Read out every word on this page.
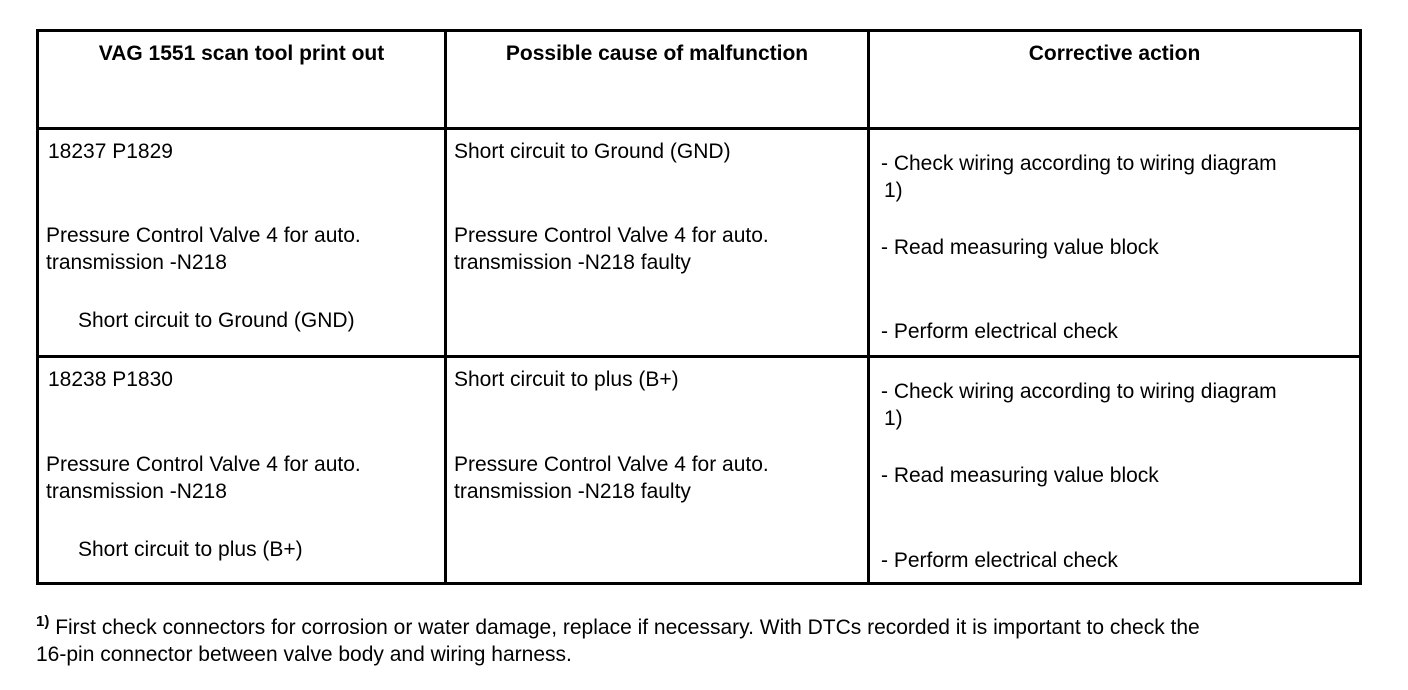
VAG 1551 scan tool print out	Possible cause of malfunction	Corrective action
18237 P1829
Pressure Control Valve 4 for auto.
transmission -N218
Short circuit to Ground (GND)
Short circuit to Ground (GND)
Pressure Control Valve 4 for auto.
transmission -N218 faulty
- Check wiring according to wiring diagram
1)
- Read measuring value block
- Perform electrical check
18238 P1830
Pressure Control Valve 4 for auto.
transmission -N218
Short circuit to plus (B+)
Short circuit to plus (B+)
Pressure Control Valve 4 for auto.
transmission -N218 faulty
- Check wiring according to wiring diagram
1)
- Read measuring value block
- Perform electrical check
$^{1)}$ First check connectors for corrosion or water damage, replace if necessary. With DTCs recorded it is important to check the
16-pin connector between valve body and wiring harness.
